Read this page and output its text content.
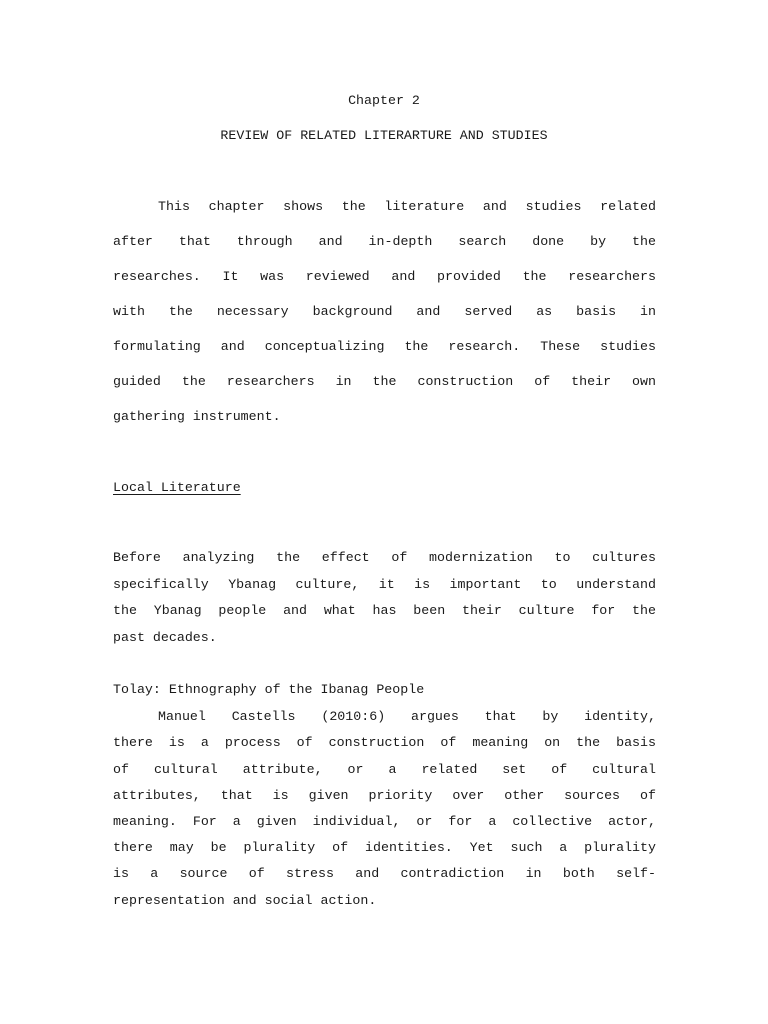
Chapter 2
REVIEW OF RELATED LITERARTURE AND STUDIES
This chapter shows the literature and studies related
after that through and in-depth search done by the
researches. It was reviewed and provided the researchers
with the necessary background and served as basis in
formulating and conceptualizing the research. These studies
guided the researchers in the construction of their own
gathering instrument.
Local Literature
Before analyzing the effect of modernization to cultures
specifically Ybanag culture, it is important to understand
the Ybanag people and what has been their culture for the
past decades.
Tolay: Ethnography of the Ibanag People
Manuel Castells (2010:6) argues that by identity,
there is a process of construction of meaning on the basis
of cultural attribute, or a related set of cultural
attributes, that is given priority over other sources of
meaning. For a given individual, or for a collective actor,
there may be plurality of identities. Yet such a plurality
is a source of stress and contradiction in both self-
representation and social action.
